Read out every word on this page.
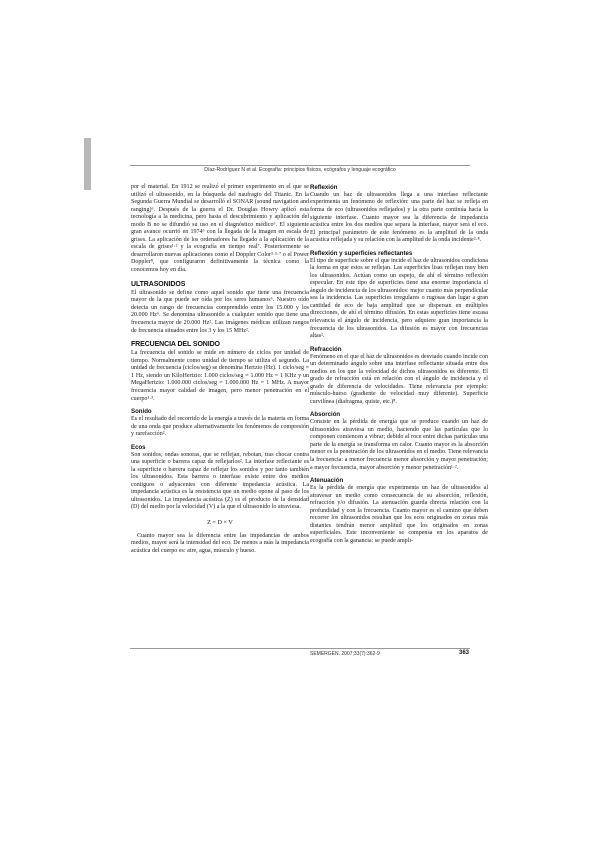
Díaz-Rodríguez N et al. Ecografía: principios físicos, ecógrafos y lenguaje ecográfico

por el material. En 1912 se realizó el primer experimento en el que se utilizó el ultrasonido, en la búsqueda del naufragio del Titanic. En la Segunda Guerra Mundial se desarrolló el SONAR (sound navigation and ranging)⁶. Después de la guerra el Dr. Douglas Howry aplicó esta tecnología a la medicina, pero hasta el descubrimiento y aplicación del modo B no se difundió su uso en el diagnóstico médico⁶. El siguiente gran avance ocurrió en 1974⁶ con la llegada de la imagen en escala de grises. La aplicación de los ordenadores ha llegado a la aplicación de la escala de grises¹·² y la ecografía en tiempo real⁷. Posteriormente se desarrollaron nuevas aplicaciones como el Doppler Color³·⁵·⁷ o el Power Doppler⁸, que configuraron definitivamente la técnica como la conocemos hoy en día.

ULTRASONIDOS

El ultrasonido se define como aquel sonido que tiene una frecuencia mayor de la que puede ser oída por los seres humanos⁶. Nuestro oído detecta un rango de frecuencias comprendido entre los 15.000 y los 20.000 Hz⁶. Se denomina ultrasonido a cualquier sonido que tiene una frecuencia mayor de 20.000 Hz². Las imágenes médicas utilizan rangos de frecuencia situados entre los 3 y los 15 MHz².

FRECUENCIA DEL SONIDO

La frecuencia del sonido se mide en número de ciclos por unidad de tiempo. Normalmente como unidad de tiempo se utiliza el segundo. La unidad de frecuencia (ciclos/seg) se denomina Hertzio (Hz). 1 ciclo/seg = 1 Hz, siendo un KiloHertzio: 1.000 ciclos/seg = 1.000 Hz = 1 KHz y un MegaHertzio: 1.000.000 ciclos/seg = 1.000.000 Hz = 1 MHz. A mayor frecuencia mayor calidad de imagen, pero menor penetración en el cuerpo¹·³.

Sonido

Es el resultado del recorrido de la energía a través de la materia en forma de una onda que produce alternativamente los fenómenos de compresión y rarefacción².

Ecos

Son sonidos, ondas sonoras, que se reflejan, rebotan, tras chocar contra una superficie o barrera capaz de reflejarlos². La interfase reflectante es la superficie o barrera capaz de reflejar los sonidos y por tanto también los ultrasonidos. Esta barrera o interfase existe entre dos medios contiguos o adyacentes con diferente impedancia acústica. La impedancia acústica es la resistencia que un medio opone al paso de los ultrasonidos. La impedancia acústica (Z) es el producto de la densidad (D) del medio por la velocidad (V) a la que el ultrasonido lo atraviesa.

Z = D × V

Cuanto mayor sea la diferencia entre las impedancias de ambos medios, mayor será la intensidad del eco. De menos a más la impedancia acústica del cuerpo es: aire, agua, músculo y hueso.

Reflexión

Cuando un haz de ultrasonidos llega a una interfase reflectante experimenta un fenómeno de reflexión: una parte del haz se refleja en forma de eco (ultrasonidos reflejados) y la otra parte continúa hacia la siguiente interfase. Cuanto mayor sea la diferencia de impedancia acústica entre los dos medios que separa la interfase, mayor será el eco. El principal parámetro de este fenómeno es la amplitud de la onda acústica reflejada y su relación con la amplitud de la onda incidente²·⁸.

Reflexión y superficies reflectantes

El tipo de superficie sobre el que incide el haz de ultrasonidos condiciona la forma en que estos se reflejan. Las superficies lisas reflejan muy bien los ultrasonidos. Actúan como un espejo, de ahí el término reflexión especular. En este tipo de superficies tiene una enorme importancia el ángulo de incidencia de los ultrasonidos: mejor cuanto más perpendicular sea la incidencia. Las superficies irregulares o rugosas dan lugar a gran cantidad de eco de baja amplitud que se dispersan en múltiples direcciones, de ahí el término difusión. En estas superficies tiene escasa relevancia el ángulo de incidencia, pero adquiere gran importancia la frecuencia de los ultrasonidos. La difusión es mayor con frecuencias altas².

Refracción

Fenómeno en el que el haz de ultrasonidos es desviado cuando incide con un determinado ángulo sobre una interfase reflectante situada entre dos medios en los que la velocidad de dichos ultrasonidos es diferente. El grado de refracción está en relación con el ángulo de incidencia y el grado de diferencia de velocidades. Tiene relevancia por ejemplo: músculo-hueso (gradiente de velocidad muy diferente). Superficie curvilínea (diafragma, quiste, etc.)⁸.

Absorción

Consiste en la pérdida de energía que se produce cuando un haz de ultrasonidos atraviesa un medio, haciendo que las partículas que lo componen comiencen a vibrar; debido al roce entre dichas partículas una parte de la energía se transforma en calor. Cuanto mayor es la absorción menor es la penetración de los ultrasonidos en el medio. Tiene relevancia la frecuencia: a menor frecuencia menor absorción y mayor penetración; a mayor frecuencia, mayor absorción y menor penetración¹·².

Atenuación

Es la pérdida de energía que experimenta un haz de ultrasonidos al atravesar un medio como consecuencia de su absorción, reflexión, refracción y/o difusión. La atenuación guarda directa relación con la profundidad y con la frecuencia. Cuanto mayor es el camino que deben recorrer los ultrasonidos resultan que los ecos originados en zonas más distantes tendrán menor amplitud que los originados en zonas superficiales. Este inconveniente se compensa en los aparatos de ecografía con la ganancia: se puede ampli-

SEMERGEN. 2007;33(7):362-9	363
